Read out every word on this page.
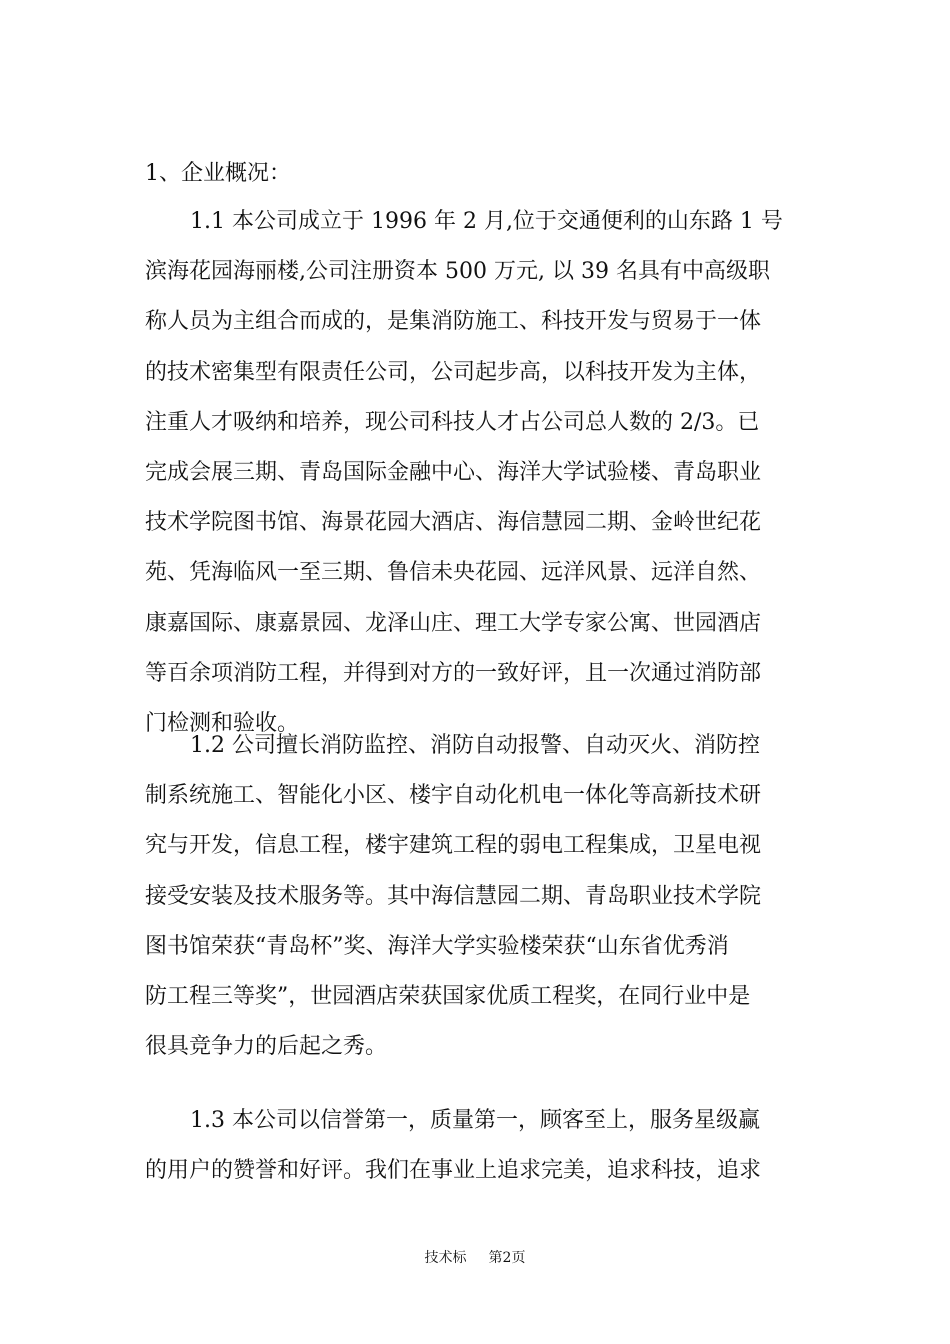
1、企业概况：
1.1 本公司成立于 1996 年 2 月,位于交通便利的山东路 1 号
滨海花园海丽楼,公司注册资本 500 万元, 以 39 名具有中高级职
称人员为主组合而成的，是集消防施工、科技开发与贸易于一体
的技术密集型有限责任公司，公司起步高，以科技开发为主体，
注重人才吸纳和培养，现公司科技人才占公司总人数的 2/3。已
完成会展三期、青岛国际金融中心、海洋大学试验楼、青岛职业
技术学院图书馆、海景花园大酒店、海信慧园二期、金岭世纪花
苑、凭海临风一至三期、鲁信未央花园、远洋风景、远洋自然、
康嘉国际、康嘉景园、龙泽山庄、理工大学专家公寓、世园酒店
等百余项消防工程，并得到对方的一致好评，且一次通过消防部
门检测和验收。
1.2 公司擅长消防监控、消防自动报警、自动灭火、消防控
制系统施工、智能化小区、楼宇自动化机电一体化等高新技术研
究与开发，信息工程，楼宇建筑工程的弱电工程集成，卫星电视
接受安装及技术服务等。其中海信慧园二期、青岛职业技术学院
图书馆荣获“青岛杯”奖、海洋大学实验楼荣获“山东省优秀消
防工程三等奖”，世园酒店荣获国家优质工程奖，在同行业中是
很具竞争力的后起之秀。
1.3 本公司以信誉第一，质量第一，顾客至上，服务星级赢
的用户的赞誉和好评。我们在事业上追求完美，追求科技，追求
技术标 第2页
